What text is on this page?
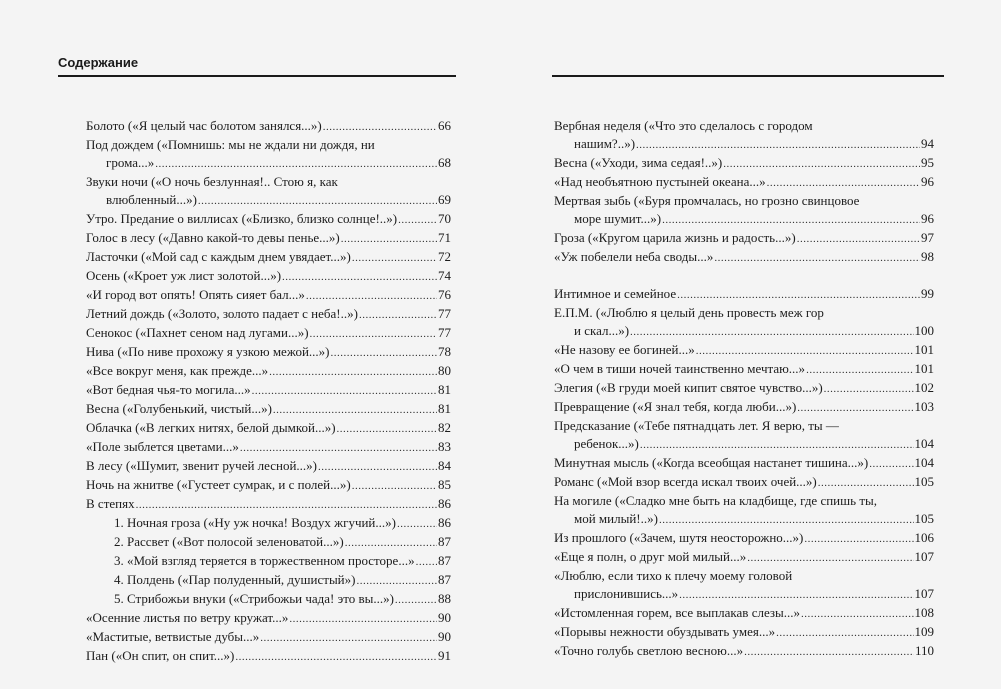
Содержание
Болото («Я целый час болотом занялся...») .....	66
Под дождем («Помнишь: мы не ждали ни дождя, ни
грома...» .....	68
Звуки ночи («О ночь безлунная!.. Стою я, как
влюбленный...») .....	69
Утро. Предание о виллисах («Близко, близко солнце!..») .....	70
Голос в лесу («Давно какой-то девы пенье...») .....	71
Ласточки («Мой сад с каждым днем увядает...») .....	72
Осень («Кроет уж лист золотой...») .....	74
«И город вот опять! Опять сияет бал...» .....	76
Летний дождь («Золото, золото падает с неба!..») .....	77
Сенокос («Пахнет сеном над лугами...») .....	77
Нива («По ниве прохожу я узкою межой...») .....	78
«Все вокруг меня, как прежде...» .....	80
«Вот бедная чья-то могила...» .....	81
Весна («Голубенький, чистый...») .....	81
Облачка («В легких нитях, белой дымкой...») .....	82
«Поле зыблется цветами...» .....	83
В лесу («Шумит, звенит ручей лесной...») .....	84
Ночь на жнитве («Густеет сумрак, и с полей...») .....	85
В степях .....	86
1. Ночная гроза («Ну уж ночка! Воздух жгучий...») .....	86
2. Рассвет («Вот полосой зеленоватой...») .....	87
3. «Мой взгляд теряется в торжественном просторе...» ..... 87
4. Полдень («Пар полуденный, душистый») .....	87
5. Стрибожьи внуки («Стрибожьи чада! это вы...») .....	88
«Осенние листья по ветру кружат...» .....	90
«Маститые, ветвистые дубы...» .....	90
Пан («Он спит, он спит...») .....	91
Вербная неделя («Что это сделалось с городом
нашим?..») .....	94
Весна («Уходи, зима седая!..») .....	95
«Над необъятною пустыней океана...» .....	96
Мертвая зыбь («Буря промчалась, но грозно свинцовое
море шумит...») .....	96
Гроза («Кругом царила жизнь и радость...») .....	97
«Уж побелели неба своды...» .....	98
Интимное и семейное .....	99
Е.П.М. («Люблю я целый день провесть меж гор
и скал...») .....	100
«Не назову ее богиней...» .....	101
«О чем в тиши ночей таинственно мечтаю...» .....	101
Элегия («В груди моей кипит святое чувство...») .....	102
Превращение («Я знал тебя, когда люби...») .....	103
Предсказание («Тебе пятнадцать лет. Я верю, ты —
ребенок...») .....	104
Минутная мысль («Когда всеобщая настанет тишина...») .....	104
Романс («Мой взор всегда искал твоих очей...») .....	105
На могиле («Сладко мне быть на кладбище, где спишь ты,
мой милый!..») .....	105
Из прошлого («Зачем, шутя неосторожно...») .....	106
«Еще я полн, о друг мой милый...» .....	107
«Люблю, если тихо к плечу моему головой
прислонившись...» .....	107
«Истомленная горем, все выплакав слезы...» .....	108
«Порывы нежности обуздывать умея...» .....	109
«Точно голубь светлою весною...» .....	110
